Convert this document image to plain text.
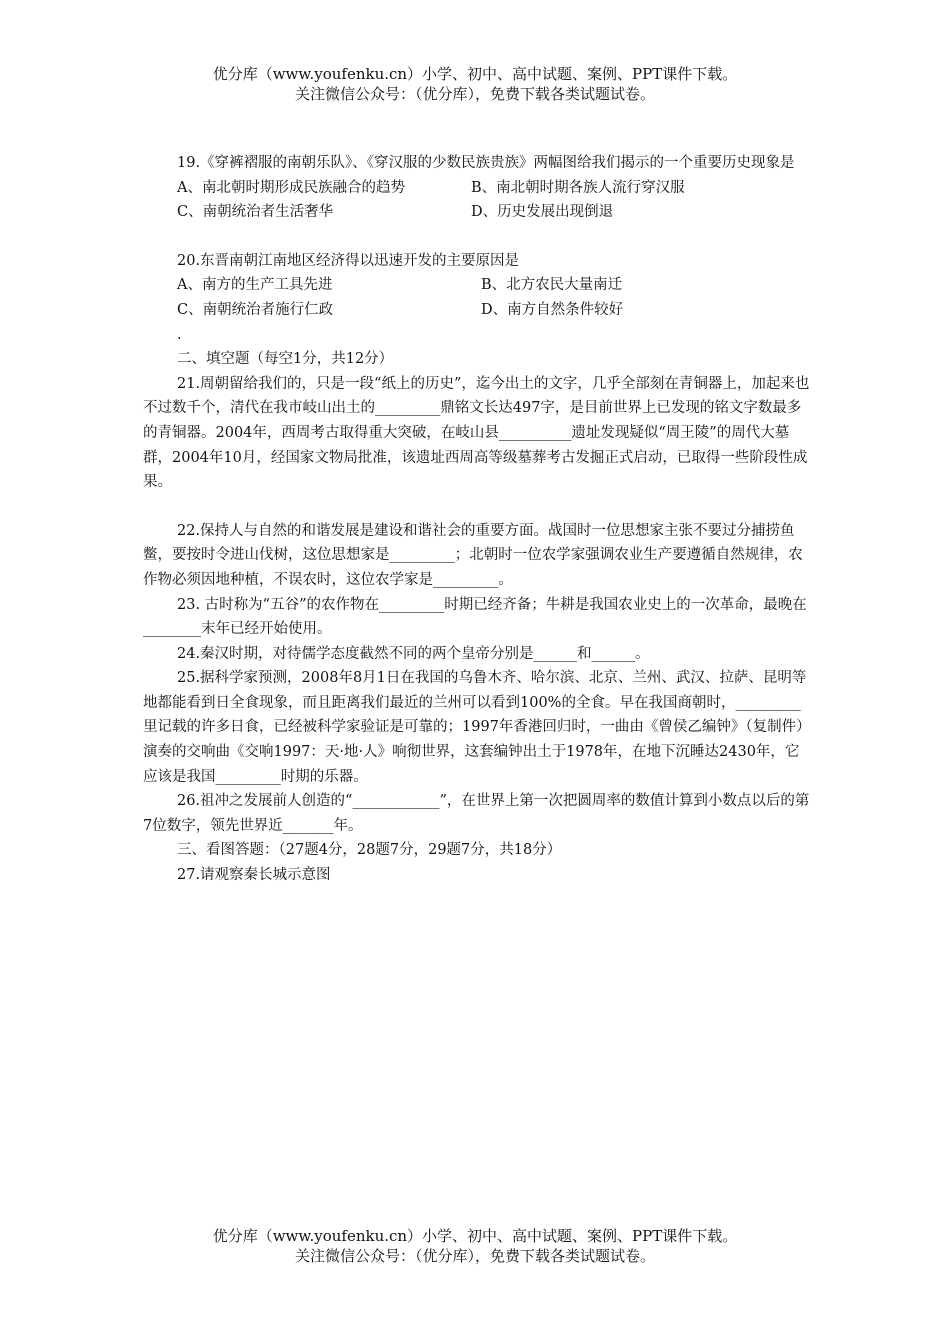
优分库（www.youfenku.cn）小学、初中、高中试题、案例、PPT课件下载。
关注微信公众号：（优分库），免费下载各类试题试卷。

19.《穿裤褶服的南朝乐队》、《穿汉服的少数民族贵族》两幅图给我们揭示的一个重要历史现象是

A、南北朝时期形成民族融合的趋势	B、南北朝时期各族人流行穿汉服

C、南朝统治者生活奢华	D、历史发展出现倒退

20.东晋南朝江南地区经济得以迅速开发的主要原因是

A、南方的生产工具先进	B、北方农民大量南迁

C、南朝统治者施行仁政	D、南方自然条件较好

.

二、填空题（每空1分，共12分）

21.周朝留给我们的，只是一段“纸上的历史”，迄今出土的文字，几乎全部刻在青铜器上，加起来也不过数千个，清代在我市岐山出土的_________鼎铭文长达497字，是目前世界上已发现的铭文字数最多的青铜器。2004年，西周考古取得重大突破，在岐山县__________遗址发现疑似“周王陵”的周代大墓群，2004年10月，经国家文物局批准，该遗址西周高等级墓葬考古发掘正式启动，已取得一些阶段性成果。

22.保持人与自然的和谐发展是建设和谐社会的重要方面。战国时一位思想家主张不要过分捕捞鱼鳖，要按时令进山伐树，这位思想家是_________；北朝时一位农学家强调农业生产要遵循自然规律，农作物必须因地种植，不误农时，这位农学家是_________。

23. 古时称为“五谷”的农作物在_________时期已经齐备；牛耕是我国农业史上的一次革命，最晚在________末年已经开始使用。

24.秦汉时期，对待儒学态度截然不同的两个皇帝分别是______和______。

25.据科学家预测，2008年8月1日在我国的乌鲁木齐、哈尔滨、北京、兰州、武汉、拉萨、昆明等地都能看到日全食现象，而且距离我们最近的兰州可以看到100%的全食。早在我国商朝时，_________里记载的许多日食，已经被科学家验证是可靠的；1997年香港回归时，一曲由《曾侯乙编钟》（复制件）演奏的交响曲《交响1997：天·地·人》响彻世界，这套编钟出土于1978年，在地下沉睡达2430年，它应该是我国_________时期的乐器。

26.祖冲之发展前人创造的“____________”，在世界上第一次把圆周率的数值计算到小数点以后的第7位数字，领先世界近_______年。

三、看图答题：（27题4分，28题7分，29题7分，共18分）

27.请观察秦长城示意图

优分库（www.youfenku.cn）小学、初中、高中试题、案例、PPT课件下载。
关注微信公众号：（优分库），免费下载各类试题试卷。
